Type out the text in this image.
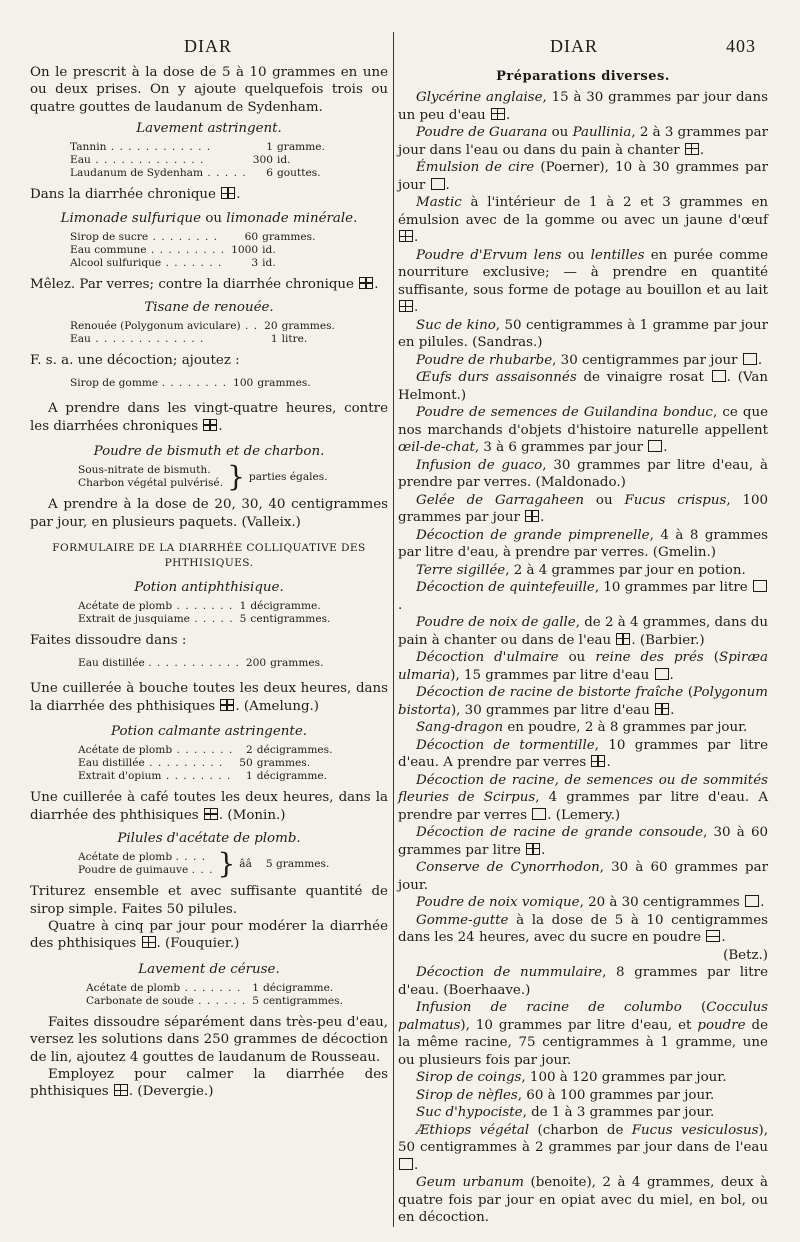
DIAR	DIAR	403

On le prescrit à la dose de 5 à 10 grammes en une ou deux prises. On y ajoute quelquefois trois ou quatre gouttes de laudanum de Sydenham.

Lavement astringent.
Tannin . . . . . . . . . . . .	1	gramme.
Eau . . . . . . . . . . . . .	300	id.
Laudanum de Sydenham . . . . .	6	gouttes.

Dans la diarrhée chronique .

Limonade sulfurique ou limonade minérale.
Sirop de sucre . . . . . . . .	60	grammes.
Eau commune . . . . . . . . .	1000	id.
Alcool sulfurique . . . . . . .	3	id.

Mêlez. Par verres; contre la diarrhée chronique .

Tisane de renouée.
Renouée (Polygonum aviculare) . .	20	grammes.
Eau . . . . . . . . . . . . .	1	litre.

F. s. a. une décoction; ajoutez :

Sirop de gomme . . . . . . . .	100	grammes.

A prendre dans les vingt-quatre heures, contre les diarrhées chroniques .

Poudre de bismuth et de charbon.
Sous-nitrate de bismuth.
Charbon végétal pulvérisé. } parties égales.

A prendre à la dose de 20, 30, 40 centigrammes par jour, en plusieurs paquets. (Valleix.)

FORMULAIRE DE LA DIARRHÉE COLLIQUATIVE DES PHTHISIQUES.
Potion antiphthisique.
Acétate de plomb . . . . . . .	1	décigramme.
Extrait de jusquiame . . . . .	5	centigrammes.

Faites dissoudre dans :

Eau distillée . . . . . . . . . . .	200	grammes.

Une cuillerée à bouche toutes les deux heures, dans la diarrhée des phthisiques . (Amelung.)

Potion calmante astringente.
Acétate de plomb . . . . . . .	2	décigrammes.
Eau distillée . . . . . . . . .	50	grammes.
Extrait d'opium . . . . . . . .	1	décigramme.

Une cuillerée à café toutes les deux heures, dans la diarrhée des phthisiques . (Monin.)

Pilules d'acétate de plomb.
Acétate de plomb . . . .
Poudre de guimauve . . . } ââ 5 grammes.

Triturez ensemble et avec suffisante quantité de sirop simple. Faites 50 pilules.

Quatre à cinq par jour pour modérer la diarrhée des phthisiques . (Fouquier.)

Lavement de céruse.
Acétate de plomb . . . . . . .	1	décigramme.
Carbonate de soude . . . . . .	5	centigrammes.

Faites dissoudre séparément dans très-peu d'eau, versez les solutions dans 250 grammes de décoction de lin, ajoutez 4 gouttes de laudanum de Rousseau.

Employez pour calmer la diarrhée des phthisiques . (Devergie.)

Préparations diverses.

Glycérine anglaise, 15 à 30 grammes par jour dans un peu d'eau .

Poudre de Guarana ou Paullinia, 2 à 3 grammes par jour dans l'eau ou dans du pain à chanter .

Émulsion de cire (Poerner), 10 à 30 grammes par jour .

Mastic à l'intérieur de 1 à 2 et 3 grammes en émulsion avec de la gomme ou avec un jaune d'œuf .

Poudre d'Ervum lens ou lentilles en purée comme nourriture exclusive; — à prendre en quantité suffisante, sous forme de potage au bouillon et au lait .

Suc de kino, 50 centigrammes à 1 gramme par jour en pilules. (Sandras.)

Poudre de rhubarbe, 30 centigrammes par jour .

Œufs durs assaisonnés de vinaigre rosat . (Van Helmont.)

Poudre de semences de Guilandina bonduc, ce que nos marchands d'objets d'histoire naturelle appellent œil-de-chat, 3 à 6 grammes par jour .

Infusion de guaco, 30 grammes par litre d'eau, à prendre par verres. (Maldonado.)

Gelée de Garragaheen ou Fucus crispus, 100 grammes par jour .

Décoction de grande pimprenelle, 4 à 8 grammes par litre d'eau, à prendre par verres. (Gmelin.)

Terre sigillée, 2 à 4 grammes par jour en potion.

Décoction de quintefeuille, 10 grammes par litre .

Poudre de noix de galle, de 2 à 4 grammes, dans du pain à chanter ou dans de l'eau . (Barbier.)

Décoction d'ulmaire ou reine des prés (Spiræa ulmaria), 15 grammes par litre d'eau .

Décoction de racine de bistorte fraîche (Polygonum bistorta), 30 grammes par litre d'eau .

Sang-dragon en poudre, 2 à 8 grammes par jour.

Décoction de tormentille, 10 grammes par litre d'eau. A prendre par verres .

Décoction de racine, de semences ou de sommités fleuries de Scirpus, 4 grammes par litre d'eau. A prendre par verres . (Lemery.)

Décoction de racine de grande consoude, 30 à 60 grammes par litre .

Conserve de Cynorrhodon, 30 à 60 grammes par jour.

Poudre de noix vomique, 20 à 30 centigrammes .

Gomme-gutte à la dose de 5 à 10 centigrammes dans les 24 heures, avec du sucre en poudre .
(Betz.)

Décoction de nummulaire, 8 grammes par litre d'eau. (Boerhaave.)

Infusion de racine de columbo (Cocculus palmatus), 10 grammes par litre d'eau, et poudre de la même racine, 75 centigrammes à 1 gramme, une ou plusieurs fois par jour.

Sirop de coings, 100 à 120 grammes par jour.

Sirop de nèfles, 60 à 100 grammes par jour.

Suc d'hypociste, de 1 à 3 grammes par jour.

Æthiops végétal (charbon de Fucus vesiculosus), 50 centigrammes à 2 grammes par jour dans de l'eau .

Geum urbanum (benoite), 2 à 4 grammes, deux à quatre fois par jour en opiat avec du miel, en bol, ou en décoction.
